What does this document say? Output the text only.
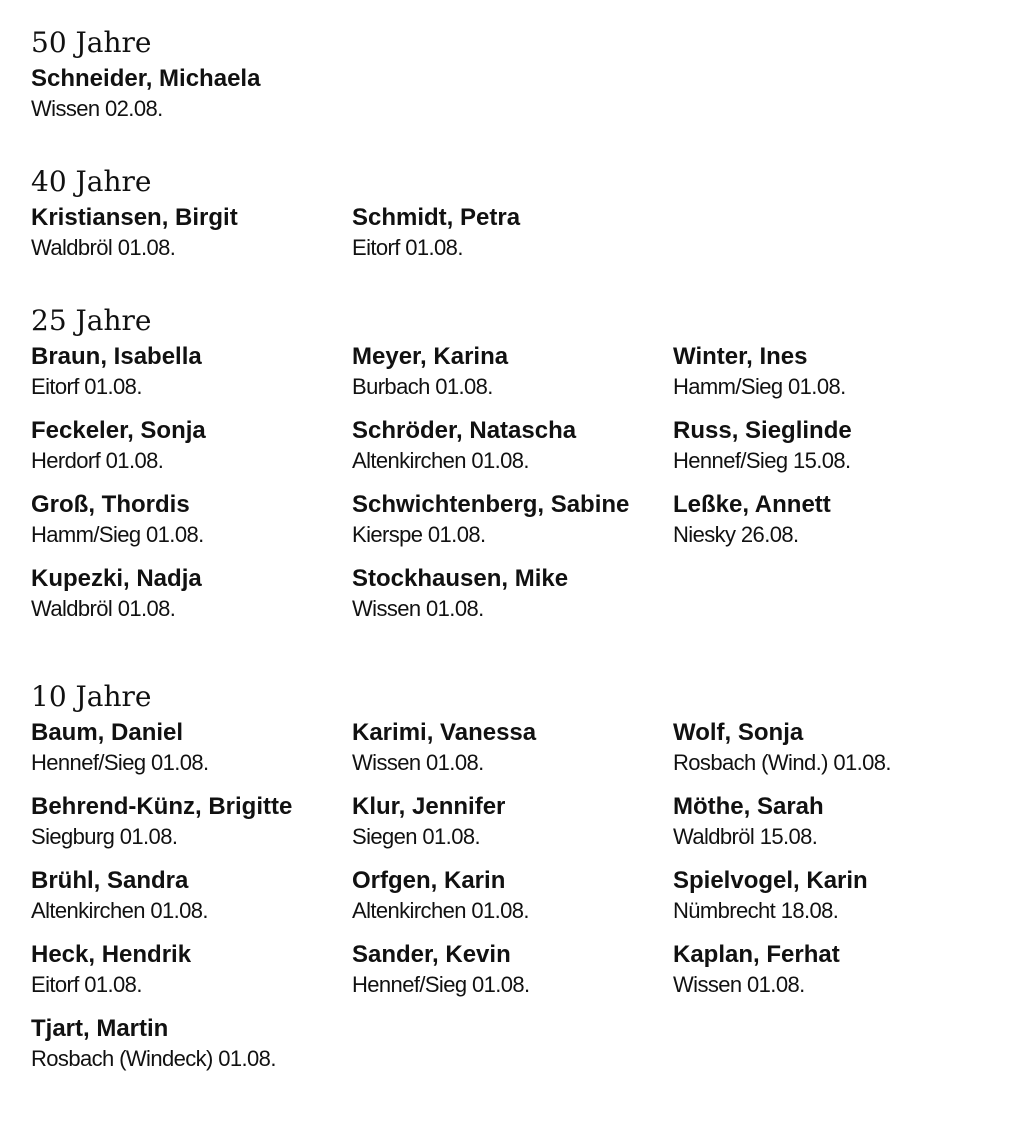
50 Jahre
Schneider, Michaela
Wissen 02.08.
40 Jahre
Kristiansen, Birgit
Waldbröl 01.08.
Schmidt, Petra
Eitorf 01.08.
25 Jahre
Braun, Isabella
Eitorf 01.08.
Meyer, Karina
Burbach 01.08.
Winter, Ines
Hamm/Sieg 01.08.
Feckeler, Sonja
Herdorf 01.08.
Schröder, Natascha
Altenkirchen 01.08.
Russ, Sieglinde
Hennef/Sieg 15.08.
Groß, Thordis
Hamm/Sieg 01.08.
Schwichtenberg, Sabine
Kierspe 01.08.
Leßke, Annett
Niesky 26.08.
Kupezki, Nadja
Waldbröl 01.08.
Stockhausen, Mike
Wissen 01.08.
10 Jahre
Baum, Daniel
Hennef/Sieg 01.08.
Karimi, Vanessa
Wissen 01.08.
Wolf, Sonja
Rosbach (Wind.) 01.08.
Behrend-Künz, Brigitte
Siegburg 01.08.
Klur, Jennifer
Siegen 01.08.
Möthe, Sarah
Waldbröl 15.08.
Brühl, Sandra
Altenkirchen 01.08.
Orfgen, Karin
Altenkirchen 01.08.
Spielvogel, Karin
Nümbrecht 18.08.
Heck, Hendrik
Eitorf 01.08.
Sander, Kevin
Hennef/Sieg 01.08.
Kaplan, Ferhat
Wissen 01.08.
Tjart, Martin
Rosbach (Windeck) 01.08.
